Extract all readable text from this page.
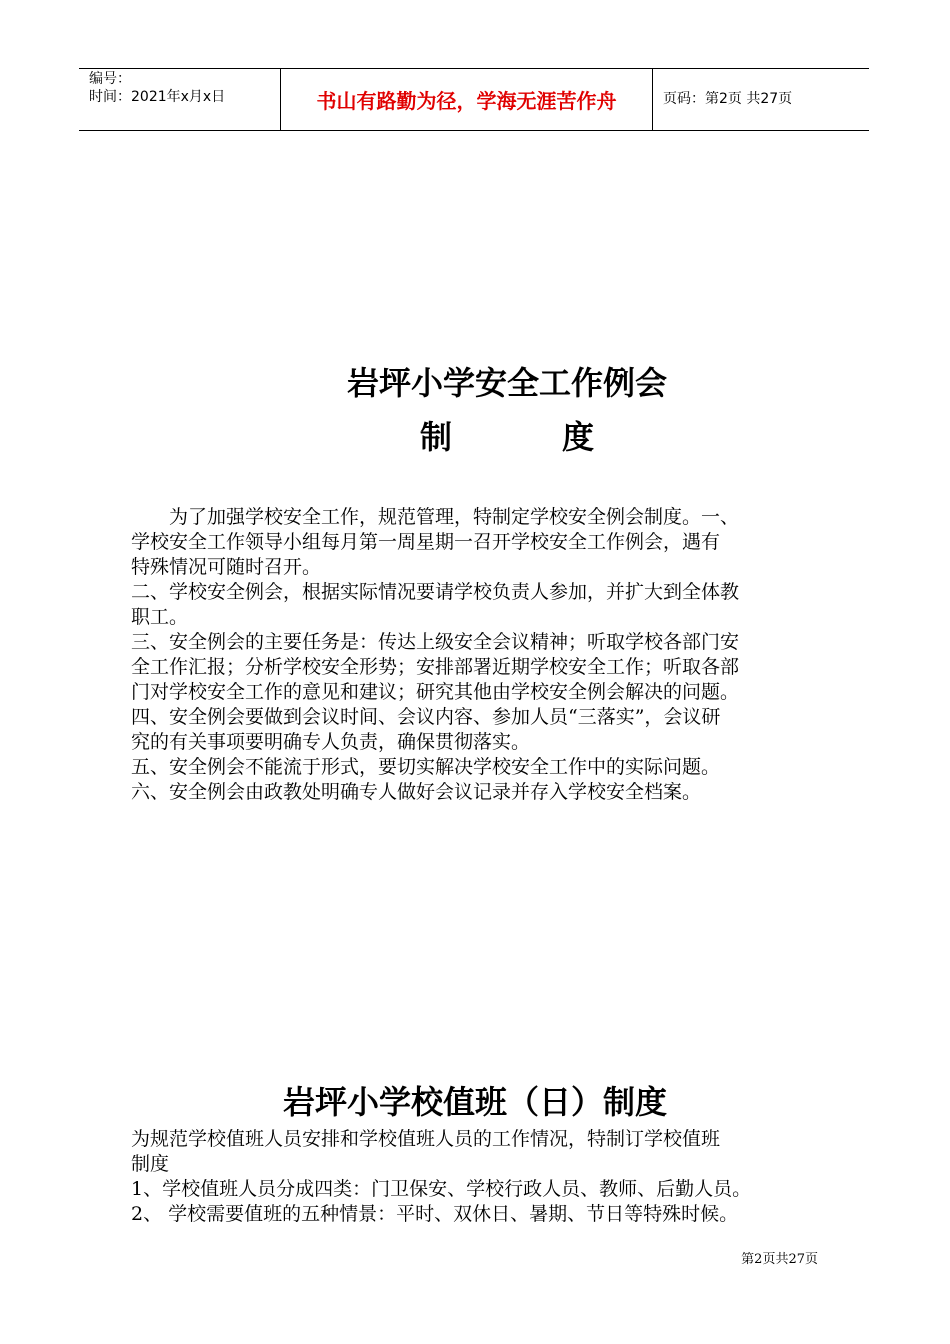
编号：
时间：2021年x月x日	书山有路勤为径，学海无涯苦作舟	页码：第2页 共27页
岩坪小学安全工作例会
制	度
　　为了加强学校安全工作，规范管理，特制定学校安全例会制度。一、
学校安全工作领导小组每月第一周星期一召开学校安全工作例会，遇有
特殊情况可随时召开。
二、学校安全例会，根据实际情况要请学校负责人参加，并扩大到全体教
职工。
三、安全例会的主要任务是：传达上级安全会议精神；听取学校各部门安
全工作汇报；分析学校安全形势；安排部署近期学校安全工作；听取各部
门对学校安全工作的意见和建议；研究其他由学校安全例会解决的问题。
四、安全例会要做到会议时间、会议内容、参加人员“三落实”，会议研
究的有关事项要明确专人负责，确保贯彻落实。
五、安全例会不能流于形式，要切实解决学校安全工作中的实际问题。
六、安全例会由政教处明确专人做好会议记录并存入学校安全档案。
岩坪小学校值班（日）制度
为规范学校值班人员安排和学校值班人员的工作情况，特制订学校值班
制度
1、学校值班人员分成四类：门卫保安、学校行政人员、教师、后勤人员。
2、 学校需要值班的五种情景：平时、双休日、暑期、节日等特殊时候。
第2页共27页
